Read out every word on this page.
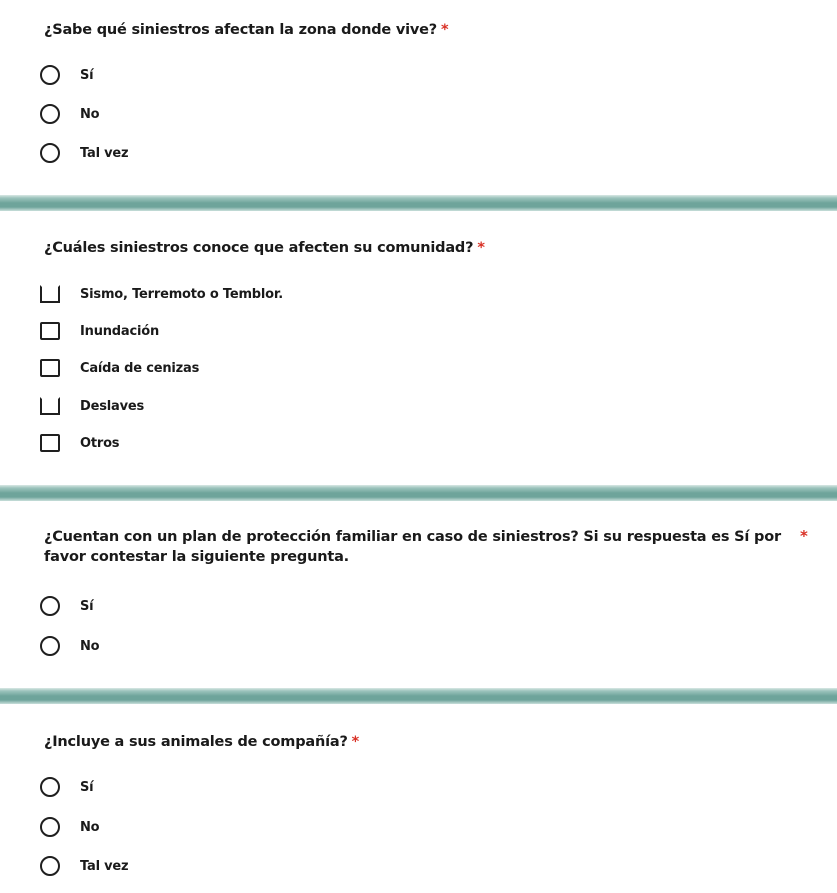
¿Sabe qué siniestros afectan la zona donde vive? *
Sí
No
Tal vez
¿Cuáles siniestros conoce que afecten su comunidad? *
Sismo, Terremoto o Temblor.
Inundación
Caída de cenizas
Deslaves
Otros
¿Cuentan con un plan de protección familiar en caso de siniestros? Si su respuesta es Sí por favor contestar la siguiente pregunta.
*
Sí
No
¿Incluye a sus animales de compañía? *
Sí
No
Tal vez
